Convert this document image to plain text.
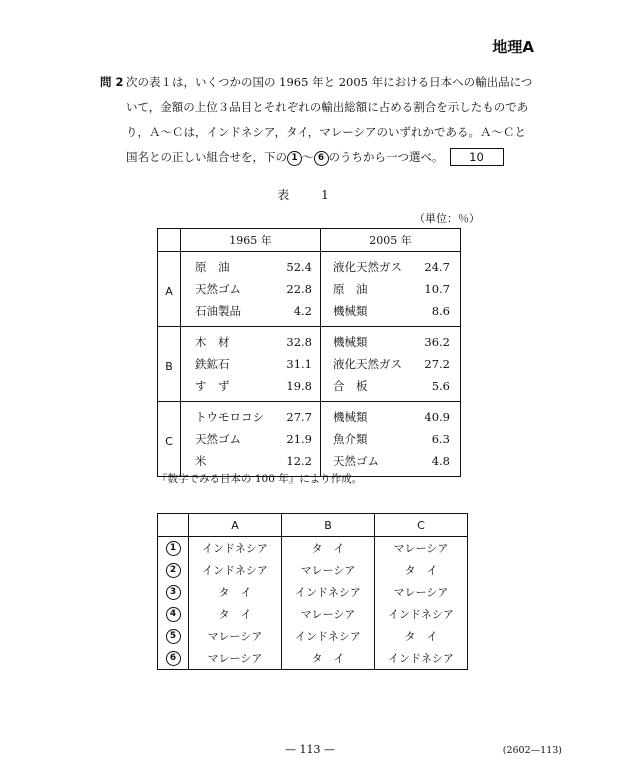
地理A
問 2 次の表１は，いくつかの国の 1965 年と 2005 年における日本への輸出品につ

いて，金額の上位３品目とそれぞれの輸出総額に占める割合を示したものであ

り，Ａ～Ｃは，インドネシア，タイ，マレーシアのいずれかである。Ａ～Ｃと

国名との正しい組合せを，下の 1 ～ 6 のうちから一つ選べ。 10

表 1
（単位：％）
	1965 年		2005 年	
A	原　油	52.4	液化天然ガス	24.7
	天然ゴム	22.8	原　油	10.7
	石油製品	4.2	機械類	8.6
B	木　材	32.8	機械類	36.2
	鉄鉱石	31.1	液化天然ガス	27.2
	す　ず	19.8	合　板	5.6
C	トウモロコシ	27.7	機械類	40.9
	天然ゴム	21.9	魚介類	6.3
	米	12.2	天然ゴム	4.8
『数字でみる日本の 100 年』により作成。
	A	B	C
1	インドネシア	タ　イ	マレーシア
2	インドネシア	マレーシア	タ　イ
3	タ　イ	インドネシア	マレーシア
4	タ　イ	マレーシア	インドネシア
5	マレーシア	インドネシア	タ　イ
6	マレーシア	タ　イ	インドネシア
— 113 —	(2602—113)
